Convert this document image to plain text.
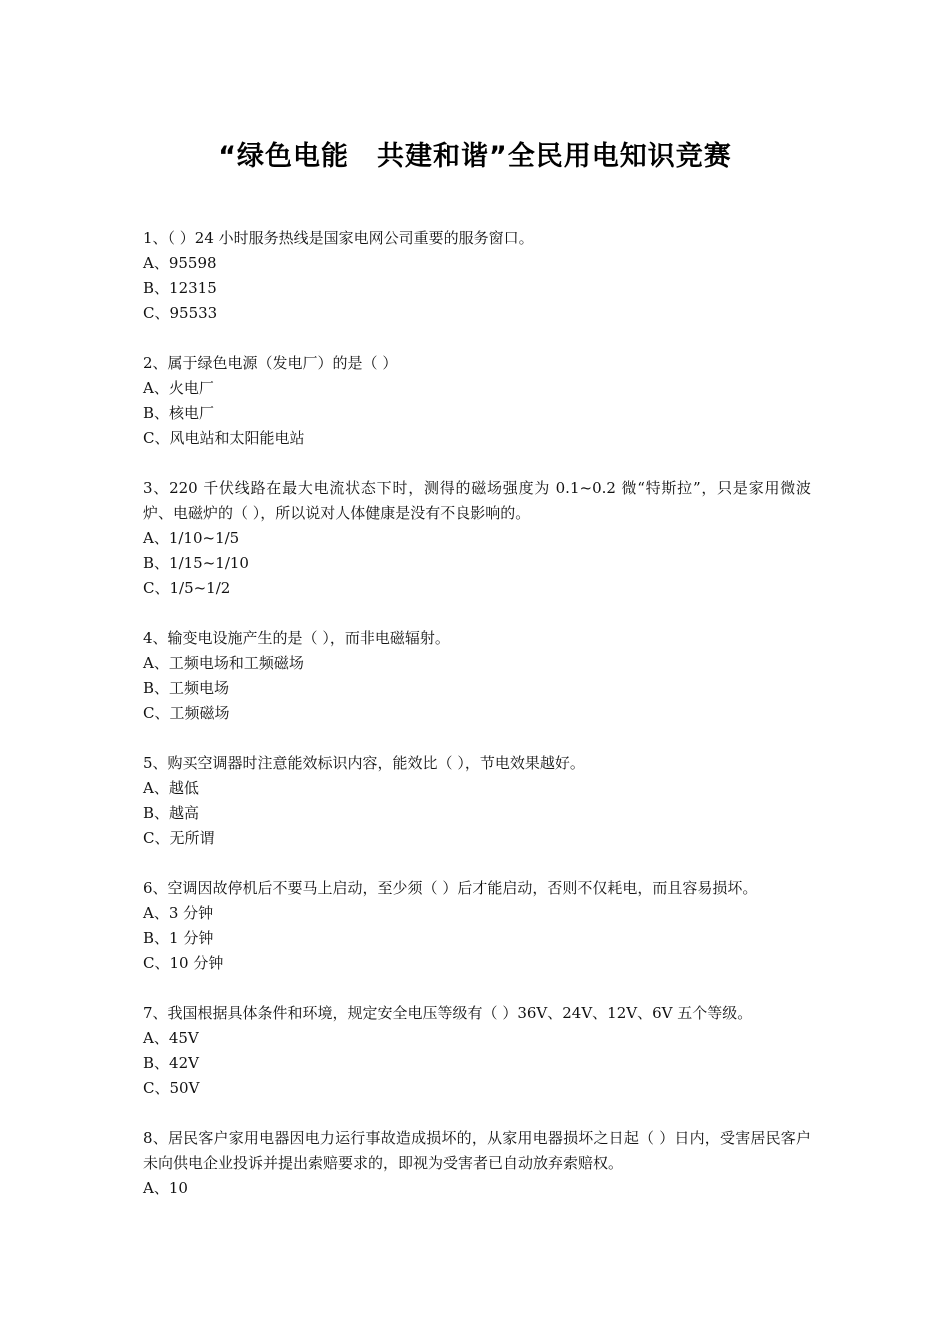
“绿色电能　共建和谐”全民用电知识竞赛
1、（ ）24 小时服务热线是国家电网公司重要的服务窗口。
A、95598
B、12315
C、95533
2、属于绿色电源（发电厂）的是（ ）
A、火电厂
B、核电厂
C、风电站和太阳能电站
3、220 千伏线路在最大电流状态下时，测得的磁场强度为 0.1~0.2 微“特斯拉”，只是家用微波炉、电磁炉的（ ），所以说对人体健康是没有不良影响的。
A、1/10~1/5
B、1/15~1/10
C、1/5~1/2
4、输变电设施产生的是（ ），而非电磁辐射。
A、工频电场和工频磁场
B、工频电场
C、工频磁场
5、购买空调器时注意能效标识内容，能效比（ ），节电效果越好。
A、越低
B、越高
C、无所谓
6、空调因故停机后不要马上启动，至少须（ ）后才能启动，否则不仅耗电，而且容易损坏。
A、3 分钟
B、1 分钟
C、10 分钟
7、我国根据具体条件和环境，规定安全电压等级有（ ）36V、24V、12V、6V 五个等级。
A、45V
B、42V
C、50V
8、居民客户家用电器因电力运行事故造成损坏的，从家用电器损坏之日起（ ）日内，受害居民客户未向供电企业投诉并提出索赔要求的，即视为受害者已自动放弃索赔权。
A、10
